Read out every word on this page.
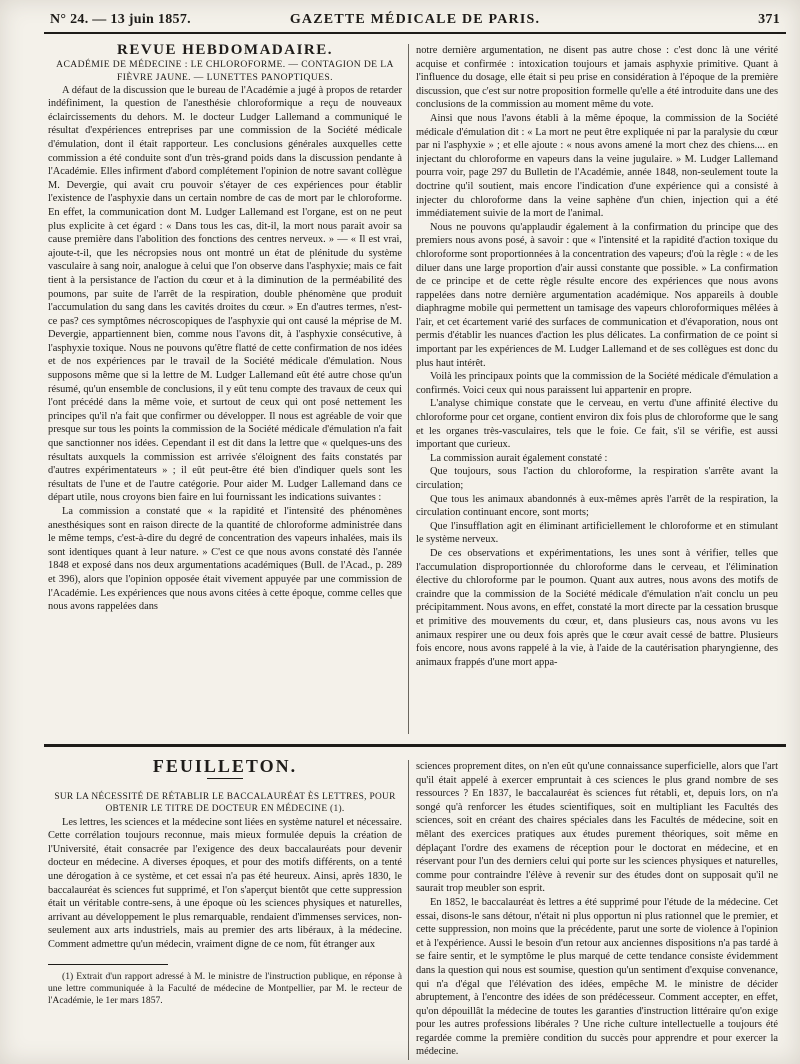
N° 24. — 13 juin 1857.	GAZETTE MÉDICALE DE PARIS.	371

REVUE HEBDOMADAIRE.

ACADÉMIE DE MÉDECINE : LE CHLOROFORME. — CONTAGION DE LA FIÈVRE JAUNE. — LUNETTES PANOPTIQUES.

A défaut de la discussion que le bureau de l'Académie a jugé à propos de retarder indéfiniment, la question de l'anesthésie chloroformique a reçu de nouveaux éclaircissements du dehors. M. le docteur Ludger Lallemand a communiqué le résultat d'expériences entreprises par une commission de la Société médicale d'émulation, dont il était rapporteur. Les conclusions générales auxquelles cette commission a été conduite sont d'un très-grand poids dans la discussion pendante à l'Académie. Elles infirment d'abord complétement l'opinion de notre savant collègue M. Devergie, qui avait cru pouvoir s'étayer de ces expériences pour établir l'existence de l'asphyxie dans un certain nombre de cas de mort par le chloroforme. En effet, la communication dont M. Ludger Lallemand est l'organe, est on ne peut plus explicite à cet égard : « Dans tous les cas, dit-il, la mort nous parait avoir sa cause première dans l'abolition des fonctions des centres nerveux. » — « Il est vrai, ajoute-t-il, que les nécropsies nous ont montré un état de plénitude du système vasculaire à sang noir, analogue à celui que l'on observe dans l'asphyxie; mais ce fait tient à la persistance de l'action du cœur et à la diminution de la perméabilité des poumons, par suite de l'arrêt de la respiration, double phénomène que produit l'accumulation du sang dans les cavités droites du cœur. » En d'autres termes, n'est-ce pas? ces symptômes nécroscopiques de l'asphyxie qui ont causé la méprise de M. Devergie, appartiennent bien, comme nous l'avons dit, à l'asphyxie consécutive, à l'asphyxie toxique. Nous ne pouvons qu'être flatté de cette confirmation de nos idées et de nos expériences par le travail de la Société médicale d'émulation. Nous supposons même que si la lettre de M. Ludger Lallemand eût été autre chose qu'un résumé, qu'un ensemble de conclusions, il y eût tenu compte des travaux de ceux qui l'ont précédé dans la même voie, et surtout de ceux qui ont posé nettement les principes qu'il n'a fait que confirmer ou développer. Il nous est agréable de voir que presque sur tous les points la commission de la Société médicale d'émulation n'a fait que sanctionner nos idées. Cependant il est dit dans la lettre que « quelques-uns des résultats auxquels la commission est arrivée s'éloignent des faits constatés par d'autres expérimentateurs » ; il eût peut-être été bien d'indiquer quels sont les résultats de l'une et de l'autre catégorie. Pour aider M. Ludger Lallemand dans ce départ utile, nous croyons bien faire en lui fournissant les indications suivantes :

La commission a constaté que « la rapidité et l'intensité des phénomènes anesthésiques sont en raison directe de la quantité de chloroforme administrée dans le même temps, c'est-à-dire du degré de concentration des vapeurs inhalées, mais ils sont identiques quant à leur nature. » C'est ce que nous avons constaté dès l'année 1848 et exposé dans nos deux argumentations académiques (Bull. de l'Acad., p. 289 et 396), alors que l'opinion opposée était vivement appuyée par une commission de l'Académie. Les expériences que nous avons citées à cette époque, comme celles que nous avons rappelées dans

notre dernière argumentation, ne disent pas autre chose : c'est donc là une vérité acquise et confirmée : intoxication toujours et jamais asphyxie primitive. Quant à l'influence du dosage, elle était si peu prise en considération à l'époque de la première discussion, que c'est sur notre proposition formelle qu'elle a été introduite dans une des conclusions de la commission au moment même du vote.

Ainsi que nous l'avons établi à la même époque, la commission de la Société médicale d'émulation dit : « La mort ne peut être expliquée ni par la paralysie du cœur par ni l'asphyxie » ; et elle ajoute : « nous avons amené la mort chez des chiens.... en injectant du chloroforme en vapeurs dans la veine jugulaire. » M. Ludger Lallemand pourra voir, page 297 du Bulletin de l'Académie, année 1848, non-seulement toute la doctrine qu'il soutient, mais encore l'indication d'une expérience qui a consisté à injecter du chloroforme dans la veine saphène d'un chien, injection qui a été immédiatement suivie de la mort de l'animal.

Nous ne pouvons qu'applaudir également à la confirmation du principe que des premiers nous avons posé, à savoir : que « l'intensité et la rapidité d'action toxique du chloroforme sont proportionnées à la concentration des vapeurs; d'où la règle : « de les diluer dans une large proportion d'air aussi constante que possible. » La confirmation de ce principe et de cette règle résulte encore des expériences que nous avons rappelées dans notre dernière argumentation académique. Nos appareils à double diaphragme mobile qui permettent un tamisage des vapeurs chloroformiques mêlées à l'air, et cet écartement varié des surfaces de communication et d'évaporation, nous ont permis d'établir les nuances d'action les plus délicates. La confirmation de ce point si important par les expériences de M. Ludger Lallemand et de ses collègues est donc du plus haut intérêt.

Voilà les principaux points que la commission de la Société médicale d'émulation a confirmés. Voici ceux qui nous paraissent lui appartenir en propre.

L'analyse chimique constate que le cerveau, en vertu d'une affinité élective du chloroforme pour cet organe, contient environ dix fois plus de chloroforme que le sang et les organes très-vasculaires, tels que le foie. Ce fait, s'il se vérifie, est aussi important que curieux.

La commission aurait également constaté :

Que toujours, sous l'action du chloroforme, la respiration s'arrête avant la circulation;

Que tous les animaux abandonnés à eux-mêmes après l'arrêt de la respiration, la circulation continuant encore, sont morts;

Que l'insufflation agit en éliminant artificiellement le chloroforme et en stimulant le système nerveux.

De ces observations et expérimentations, les unes sont à vérifier, telles que l'accumulation disproportionnée du chloroforme dans le cerveau, et l'élimination élective du chloroforme par le poumon. Quant aux autres, nous avons des motifs de craindre que la commission de la Société médicale d'émulation n'ait conclu un peu précipitamment. Nous avons, en effet, constaté la mort directe par la cessation brusque et primitive des mouvements du cœur, et, dans plusieurs cas, nous avons vu les animaux respirer une ou deux fois après que le cœur avait cessé de battre. Plusieurs fois encore, nous avons rappelé à la vie, à l'aide de la cautérisation pharyngienne, des animaux frappés d'une mort appa-

FEUILLETON.

SUR LA NÉCESSITÉ DE RÉTABLIR LE BACCALAURÉAT ÈS LETTRES, POUR OBTENIR LE TITRE DE DOCTEUR EN MÉDECINE (1).

Les lettres, les sciences et la médecine sont liées en système naturel et nécessaire. Cette corrélation toujours reconnue, mais mieux formulée depuis la création de l'Université, était consacrée par l'exigence des deux baccalauréats pour devenir docteur en médecine. A diverses époques, et pour des motifs différents, on a tenté une dérogation à ce système, et cet essai n'a pas été heureux. Ainsi, après 1830, le baccalauréat ès sciences fut supprimé, et l'on s'aperçut bientôt que cette suppression était un véritable contre-sens, à une époque où les sciences physiques et naturelles, arrivant au développement le plus remarquable, rendaient d'immenses services, non-seulement aux arts industriels, mais au premier des arts libéraux, à la médecine. Comment admettre qu'un médecin, vraiment digne de ce nom, fût étranger aux

(1) Extrait d'un rapport adressé à M. le ministre de l'instruction publique, en réponse à une lettre communiquée à la Faculté de médecine de Montpellier, par M. le recteur de l'Académie, le 1er mars 1857.

sciences proprement dites, on n'en eût qu'une connaissance superficielle, alors que l'art qu'il était appelé à exercer empruntait à ces sciences le plus grand nombre de ses ressources ? En 1837, le baccalauréat ès sciences fut rétabli, et, depuis lors, on n'a songé qu'à renforcer les études scientifiques, soit en multipliant les Facultés des sciences, soit en créant des chaires spéciales dans les Facultés de médecine, soit en mêlant des exercices pratiques aux études purement théoriques, soit même en déplaçant l'ordre des examens de réception pour le doctorat en médecine, et en réservant pour l'un des derniers celui qui porte sur les sciences physiques et naturelles, comme pour contraindre l'élève à revenir sur des études dont on supposait qu'il ne saurait trop meubler son esprit.

En 1852, le baccalauréat ès lettres a été supprimé pour l'étude de la médecine. Cet essai, disons-le sans détour, n'était ni plus opportun ni plus rationnel que le premier, et cette suppression, non moins que la précédente, parut une sorte de violence à l'opinion et à l'expérience. Aussi le besoin d'un retour aux anciennes dispositions n'a pas tardé à se faire sentir, et le symptôme le plus marqué de cette tendance consiste évidemment dans la question qui nous est soumise, question qu'un sentiment d'exquise convenance, qui n'a d'égal que l'élévation des idées, empêche M. le ministre de décider abruptement, à l'encontre des idées de son prédécesseur. Comment accepter, en effet, qu'on dépouillât la médecine de toutes les garanties d'instruction littéraire qu'on exige pour les autres professions libérales ? Une riche culture intellectuelle a toujours été regardée comme la première condition du succès pour apprendre et pour exercer la médecine.
